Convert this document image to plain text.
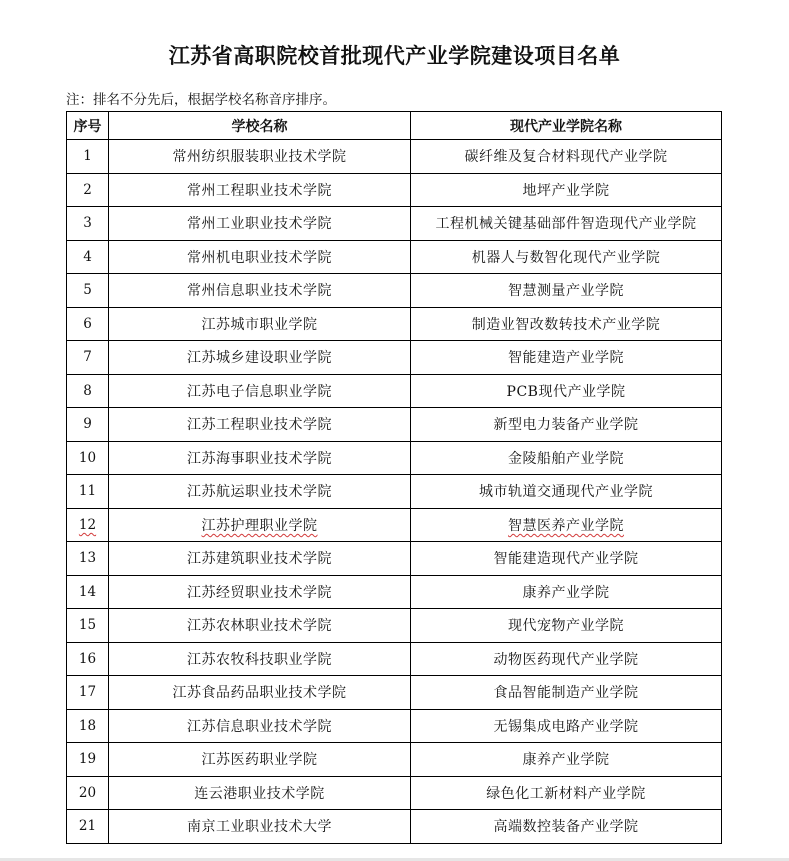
江苏省高职院校首批现代产业学院建设项目名单
注：排名不分先后，根据学校名称音序排序。
序号	学校名称	现代产业学院名称
1	常州纺织服装职业技术学院	碳纤维及复合材料现代产业学院
2	常州工程职业技术学院	地坪产业学院
3	常州工业职业技术学院	工程机械关键基础部件智造现代产业学院
4	常州机电职业技术学院	机器人与数智化现代产业学院
5	常州信息职业技术学院	智慧测量产业学院
6	江苏城市职业学院	制造业智改数转技术产业学院
7	江苏城乡建设职业学院	智能建造产业学院
8	江苏电子信息职业学院	PCB现代产业学院
9	江苏工程职业技术学院	新型电力装备产业学院
10	江苏海事职业技术学院	金陵船舶产业学院
11	江苏航运职业技术学院	城市轨道交通现代产业学院
12	江苏护理职业学院	智慧医养产业学院
13	江苏建筑职业技术学院	智能建造现代产业学院
14	江苏经贸职业技术学院	康养产业学院
15	江苏农林职业技术学院	现代宠物产业学院
16	江苏农牧科技职业学院	动物医药现代产业学院
17	江苏食品药品职业技术学院	食品智能制造产业学院
18	江苏信息职业技术学院	无锡集成电路产业学院
19	江苏医药职业学院	康养产业学院
20	连云港职业技术学院	绿色化工新材料产业学院
21	南京工业职业技术大学	高端数控装备产业学院
